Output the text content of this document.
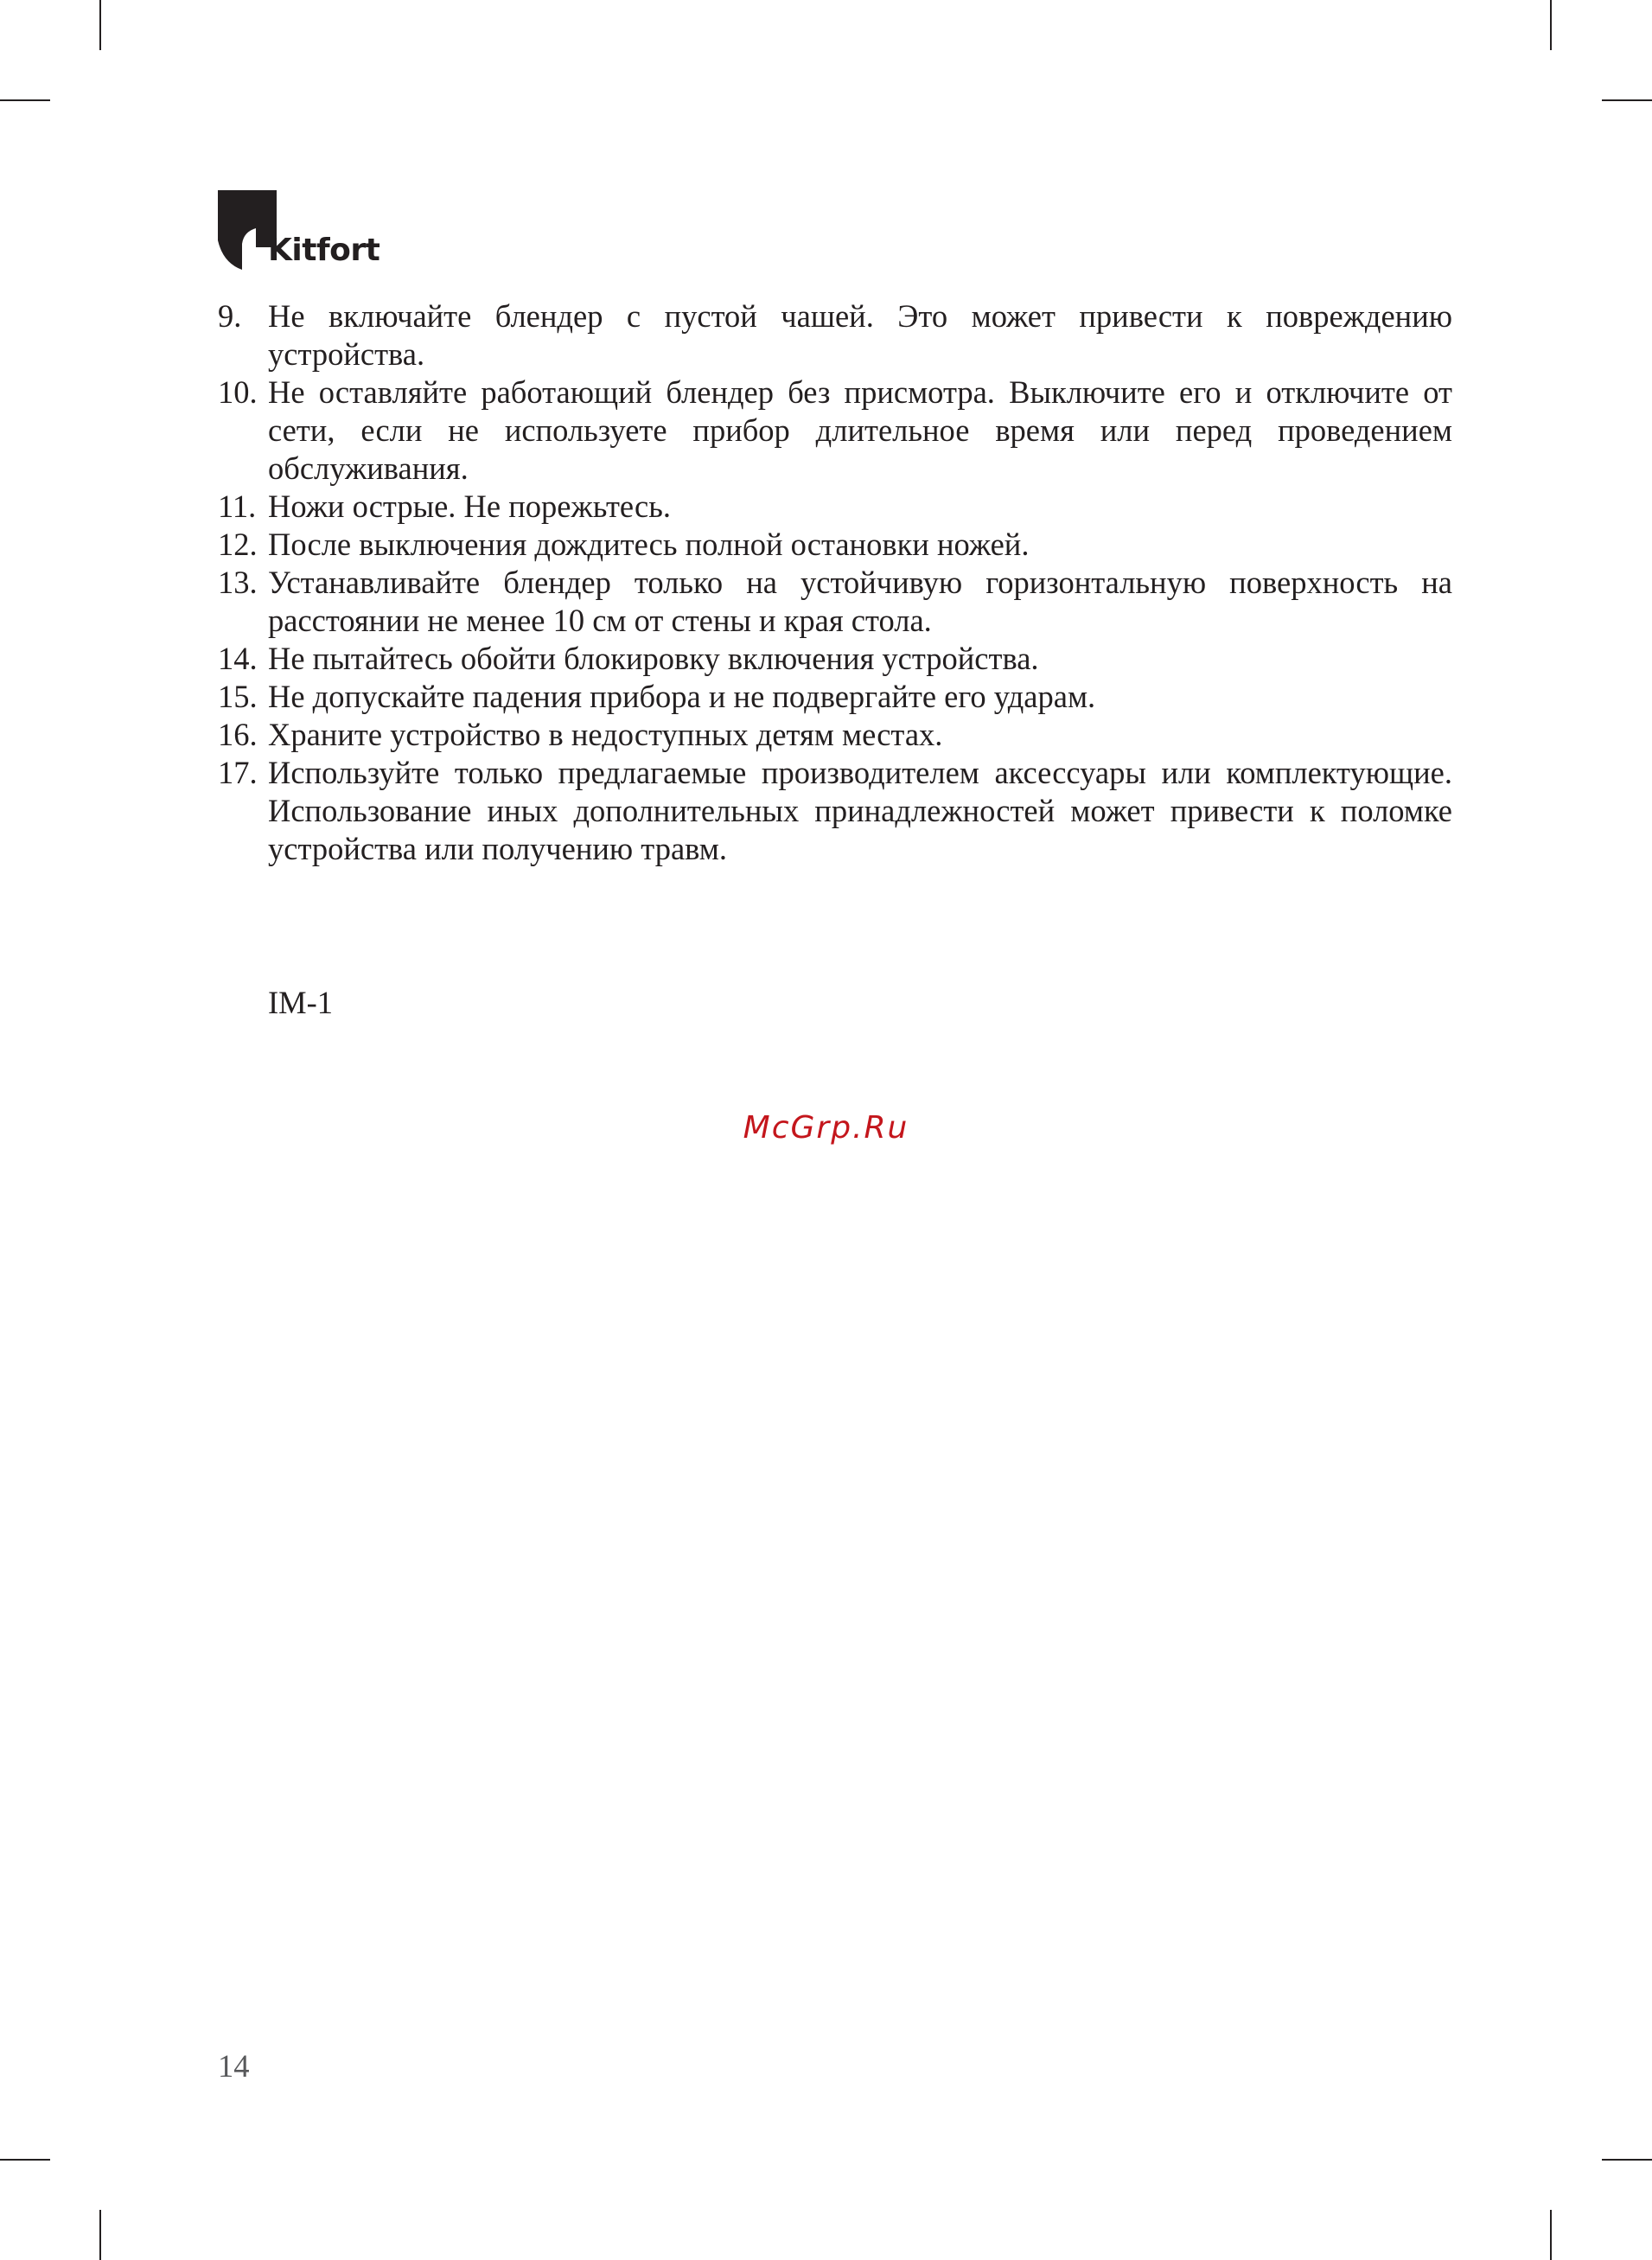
Kitfort
9. Не включайте блендер с пустой чашей. Это может привести к повреждению устройства.
10. Не оставляйте работающий блендер без присмотра. Выключите его и отключите от сети, если не используете прибор длительное время или перед проведением обслуживания.
11. Ножи острые. Не порежьтесь.
12. После выключения дождитесь полной остановки ножей.
13. Устанавливайте блендер только на устойчивую горизонтальную поверхность на расстоянии не менее 10 см от стены и края стола.
14. Не пытайтесь обойти блокировку включения устройства.
15. Не допускайте падения прибора и не подвергайте его ударам.
16. Храните устройство в недоступных детям местах.
17. Используйте только предлагаемые производителем аксессуары или комплектующие. Использование иных дополнительных принадлежностей может привести к поломке устройства или получению травм.
IM-1
McGrp.Ru
14
